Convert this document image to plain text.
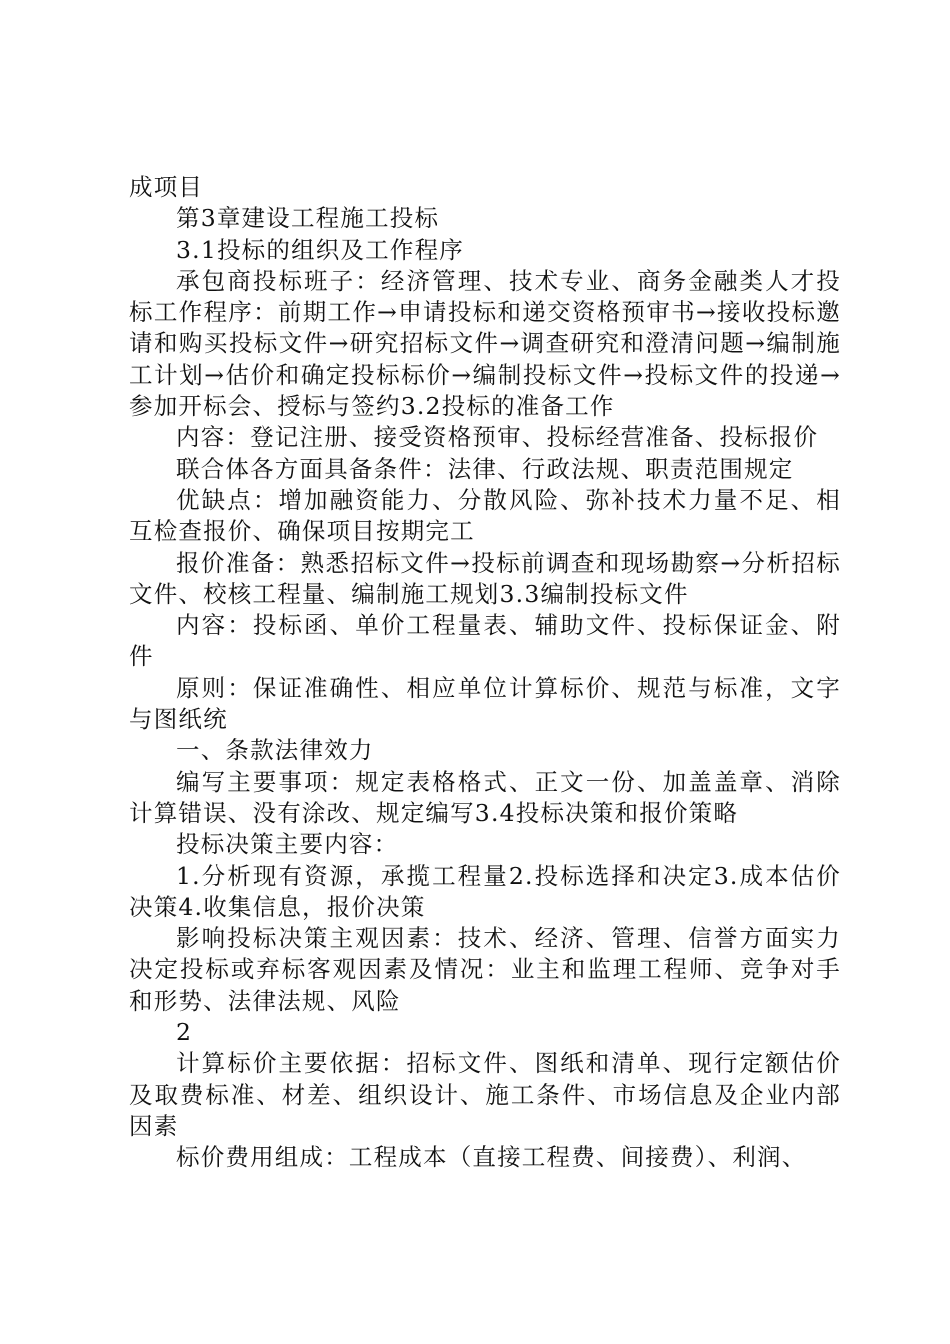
成项目

第3章建设工程施工投标

3.1投标的组织及工作程序

承包商投标班子：经济管理、技术专业、商务金融类人才投标工作程序：前期工作→申请投标和递交资格预审书→接收投标邀请和购买投标文件→研究招标文件→调查研究和澄清问题→编制施工计划→估价和确定投标标价→编制投标文件→投标文件的投递→参加开标会、授标与签约3.2投标的准备工作

内容：登记注册、接受资格预审、投标经营准备、投标报价

联合体各方面具备条件：法律、行政法规、职责范围规定

优缺点：增加融资能力、分散风险、弥补技术力量不足、相互检查报价、确保项目按期完工

报价准备：熟悉招标文件→投标前调查和现场勘察→分析招标文件、校核工程量、编制施工规划3.3编制投标文件

内容：投标函、单价工程量表、辅助文件、投标保证金、附件

原则：保证准确性、相应单位计算标价、规范与标准，文字与图纸统

一、条款法律效力

编写主要事项：规定表格格式、正文一份、加盖盖章、消除计算错误、没有涂改、规定编写3.4投标决策和报价策略

投标决策主要内容：

1.分析现有资源，承揽工程量2.投标选择和决定3.成本估价决策4.收集信息，报价决策

影响投标决策主观因素：技术、经济、管理、信誉方面实力决定投标或弃标客观因素及情况：业主和监理工程师、竞争对手和形势、法律法规、风险

2

计算标价主要依据：招标文件、图纸和清单、现行定额估价及取费标准、材差、组织设计、施工条件、市场信息及企业内部因素

标价费用组成：工程成本（直接工程费、间接费）、利润、
